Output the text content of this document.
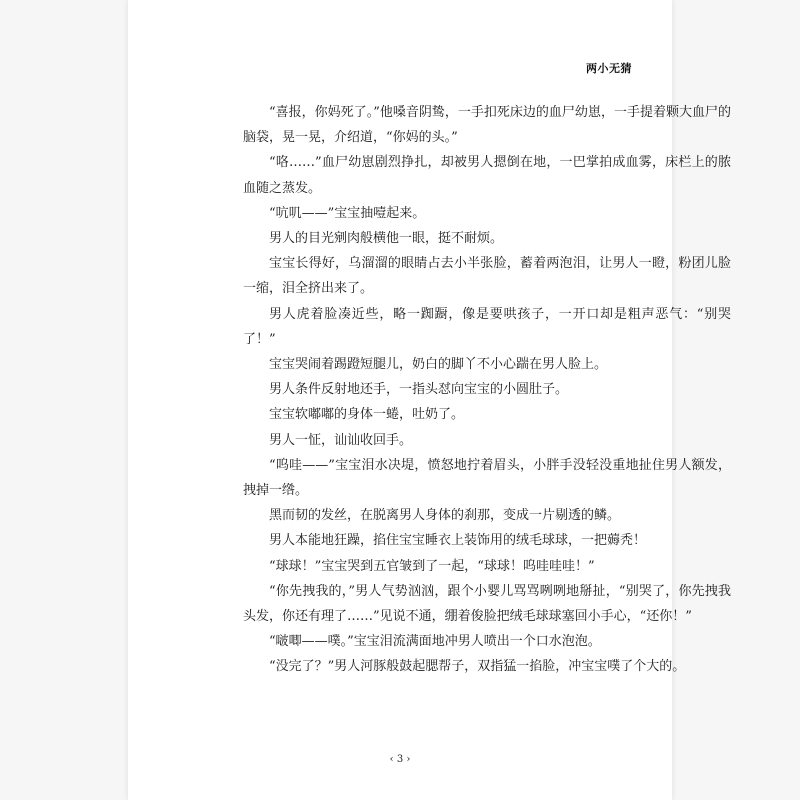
两小无猜

“喜报，你妈死了。”他嗓音阴鸷，一手扣死床边的血尸幼崽，一手提着颗大血尸的脑袋，晃一晃，介绍道，“你妈的头。”

“咯……”血尸幼崽剧烈挣扎，却被男人摁倒在地，一巴掌拍成血雾，床栏上的脓血随之蒸发。

“吭叽——”宝宝抽噎起来。

男人的目光剜肉般横他一眼，挺不耐烦。

宝宝长得好，乌溜溜的眼睛占去小半张脸，蓄着两泡泪，让男人一瞪，粉团儿脸一缩，泪全挤出来了。

男人虎着脸凑近些，略一踟蹰，像是要哄孩子，一开口却是粗声恶气：“别哭了！”

宝宝哭闹着踢蹬短腿儿，奶白的脚丫不小心踹在男人脸上。

男人条件反射地还手，一指头怼向宝宝的小圆肚子。

宝宝软嘟嘟的身体一蜷，吐奶了。

男人一怔，讪讪收回手。

“呜哇——”宝宝泪水决堤，愤怒地拧着眉头，小胖手没轻没重地扯住男人额发，拽掉一绺。

黑而韧的发丝，在脱离男人身体的刹那，变成一片剔透的鳞。

男人本能地狂躁，掐住宝宝睡衣上装饰用的绒毛球球，一把薅秃！

“球球！”宝宝哭到五官皱到了一起，“球球！呜哇哇哇！”

“你先拽我的，”男人气势汹汹，跟个小婴儿骂骂咧咧地掰扯，“别哭了，你先拽我头发，你还有理了……”见说不通，绷着俊脸把绒毛球球塞回小手心，“还你！”

“啵唧——噗。”宝宝泪流满面地冲男人喷出一个口水泡泡。

“没完了？”男人河豚般鼓起腮帮子，双指猛一掐脸，冲宝宝噗了个大的。

‹ 3 ›
